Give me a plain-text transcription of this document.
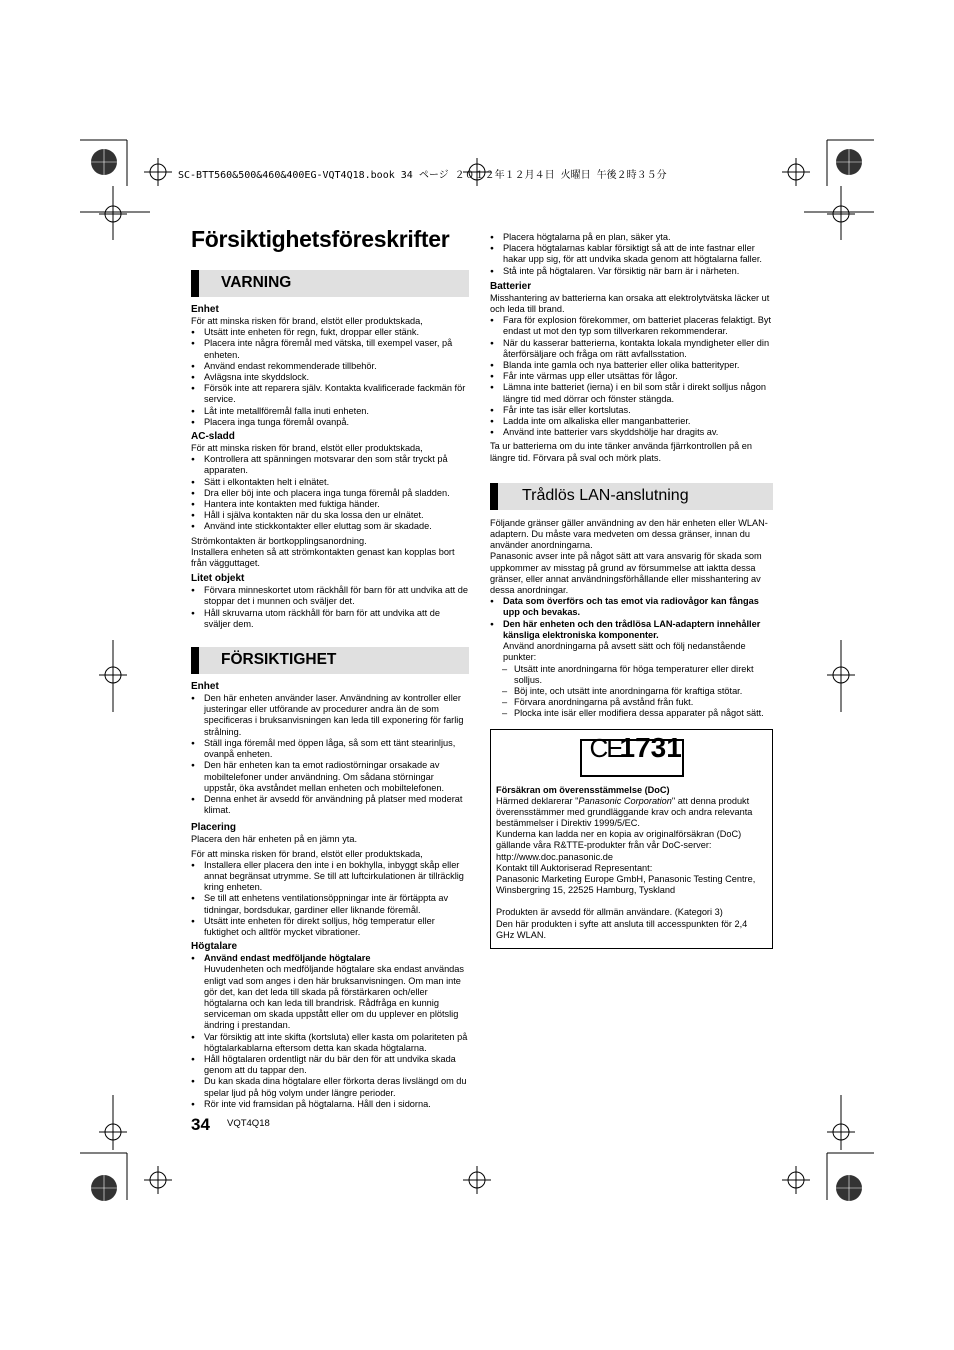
SC-BTT560&500&460&400EG-VQT4Q18.book 34 ページ ２０１２年１２月４日 火曜日 午後２時３５分
Försiktighetsföreskrifter
VARNING
Enhet

För att minska risken för brand, elstöt eller produktskada,

● Utsätt inte enheten för regn, fukt, droppar eller stänk.
● Placera inte några föremål med vätska, till exempel vaser, på enheten.
● Använd endast rekommenderade tillbehör.
● Avlägsna inte skyddslock.
● Försök inte att reparera själv. Kontakta kvalificerade fackmän för service.
● Låt inte metallföremål falla inuti enheten.
● Placera inga tunga föremål ovanpå.
AC-sladd

För att minska risken för brand, elstöt eller produktskada,

● Kontrollera att spänningen motsvarar den som står tryckt på apparaten.
● Sätt i elkontakten helt i elnätet.
● Dra eller böj inte och placera inga tunga föremål på sladden.
● Hantera inte kontakten med fuktiga händer.
● Håll i själva kontakten när du ska lossa den ur elnätet.
● Använd inte stickkontakter eller eluttag som är skadade.

Strömkontakten är bortkopplingsanordning.

Installera enheten så att strömkontakten genast kan kopplas bort från vägguttaget.

Litet objekt
● Förvara minneskortet utom räckhåll för barn för att undvika att de stoppar det i munnen och sväljer det.
● Håll skruvarna utom räckhåll för barn för att undvika att de sväljer dem.
FÖRSIKTIGHET
Enhet
● Den här enheten använder laser. Användning av kontroller eller justeringar eller utförande av procedurer andra än de som specificeras i bruksanvisningen kan leda till exponering för farlig strålning.
● Ställ inga föremål med öppen låga, så som ett tänt stearinljus, ovanpå enheten.
● Den här enheten kan ta emot radiostörningar orsakade av mobiltelefoner under användning. Om sådana störningar uppstår, öka avståndet mellan enheten och mobiltelefonen.
● Denna enhet är avsedd för användning på platser med moderat klimat.
Placering

Placera den här enheten på en jämn yta.

För att minska risken för brand, elstöt eller produktskada,

● Installera eller placera den inte i en bokhylla, inbyggt skåp eller annat begränsat utrymme. Se till att luftcirkulationen är tillräcklig kring enheten.
● Se till att enhetens ventilationsöppningar inte är förtäppta av tidningar, bordsdukar, gardiner eller liknande föremål.
● Utsätt inte enheten för direkt solljus, hög temperatur eller fuktighet och alltför mycket vibrationer.
Högtalare
● Använd endast medföljande högtalare

Huvudenheten och medföljande högtalare ska endast användas enligt vad som anges i den här bruksanvisningen. Om man inte gör det, kan det leda till skada på förstärkaren och/eller högtalarna och kan leda till brandrisk. Rådfråga en kunnig serviceman om skada uppstått eller om du upplever en plötslig ändring i prestandan.

● Var försiktig att inte skifta (kortsluta) eller kasta om polariteten på högtalarkablarna eftersom detta kan skada högtalarna.
● Håll högtalaren ordentligt när du bär den för att undvika skada genom att du tappar den.
● Du kan skada dina högtalare eller förkorta deras livslängd om du spelar ljud på hög volym under längre perioder.
● Rör inte vid framsidan på högtalarna. Håll den i sidorna.
● Placera högtalarna på en plan, säker yta.
● Placera högtalarnas kablar försiktigt så att de inte fastnar eller hakar upp sig, för att undvika skada genom att högtalarna faller.
● Stå inte på högtalaren. Var försiktig när barn är i närheten.
Batterier

Misshantering av batterierna kan orsaka att elektrolytvätska läcker ut och leda till brand.

● Fara för explosion förekommer, om batteriet placeras felaktigt. Byt endast ut mot den typ som tillverkaren rekommenderar.
● När du kasserar batterierna, kontakta lokala myndigheter eller din återförsäljare och fråga om rätt avfallsstation.
● Blanda inte gamla och nya batterier eller olika batterityper.
● Får inte värmas upp eller utsättas för lågor.
● Lämna inte batteriet (ierna) i en bil som står i direkt solljus någon längre tid med dörrar och fönster stängda.
● Får inte tas isär eller kortslutas.
● Ladda inte om alkaliska eller manganbatterier.
● Använd inte batterier vars skyddshölje har dragits av.

Ta ur batterierna om du inte tänker använda fjärrkontrollen på en längre tid. Förvara på sval och mörk plats.

Trådlös LAN-anslutning

Följande gränser gäller användning av den här enheten eller WLAN-adaptern. Du måste vara medveten om dessa gränser, innan du använder anordningarna.

Panasonic avser inte på något sätt att vara ansvarig för skada som uppkommer av misstag på grund av försummelse att iaktta dessa gränser, eller annat användningsförhållande eller misshantering av dessa anordningar.

● Data som överförs och tas emot via radiovågor kan fångas upp och bevakas.
● Den här enheten och den trådlösa LAN-adaptern innehåller känsliga elektroniska komponenter.

Använd anordningarna på avsett sätt och följ nedanstående punkter:

– Utsätt inte anordningarna för höga temperaturer eller direkt solljus.
– Böj inte, och utsätt inte anordningarna för kraftiga stötar.
– Förvara anordningarna på avstånd från fukt.
– Plocka inte isär eller modifiera dessa apparater på något sätt.
CE
1731
Försäkran om överensstämmelse (DoC)

Härmed deklarerar "Panasonic Corporation" att denna produkt överensstämmer med grundläggande krav och andra relevanta bestämmelser i Direktiv 1999/5/EC.

Kunderna kan ladda ner en kopia av originalförsäkran (DoC) gällande våra R&TTE-produkter från vår DoC-server:

http://www.doc.panasonic.de

Kontakt till Auktoriserad Representant:

Panasonic Marketing Europe GmbH, Panasonic Testing Centre, Winsbergring 15, 22525 Hamburg, Tyskland

Produkten är avsedd för allmän användare. (Kategori 3)

Den här produkten i syfte att ansluta till accesspunkten för 2,4 GHz WLAN.

34 VQT4Q18
